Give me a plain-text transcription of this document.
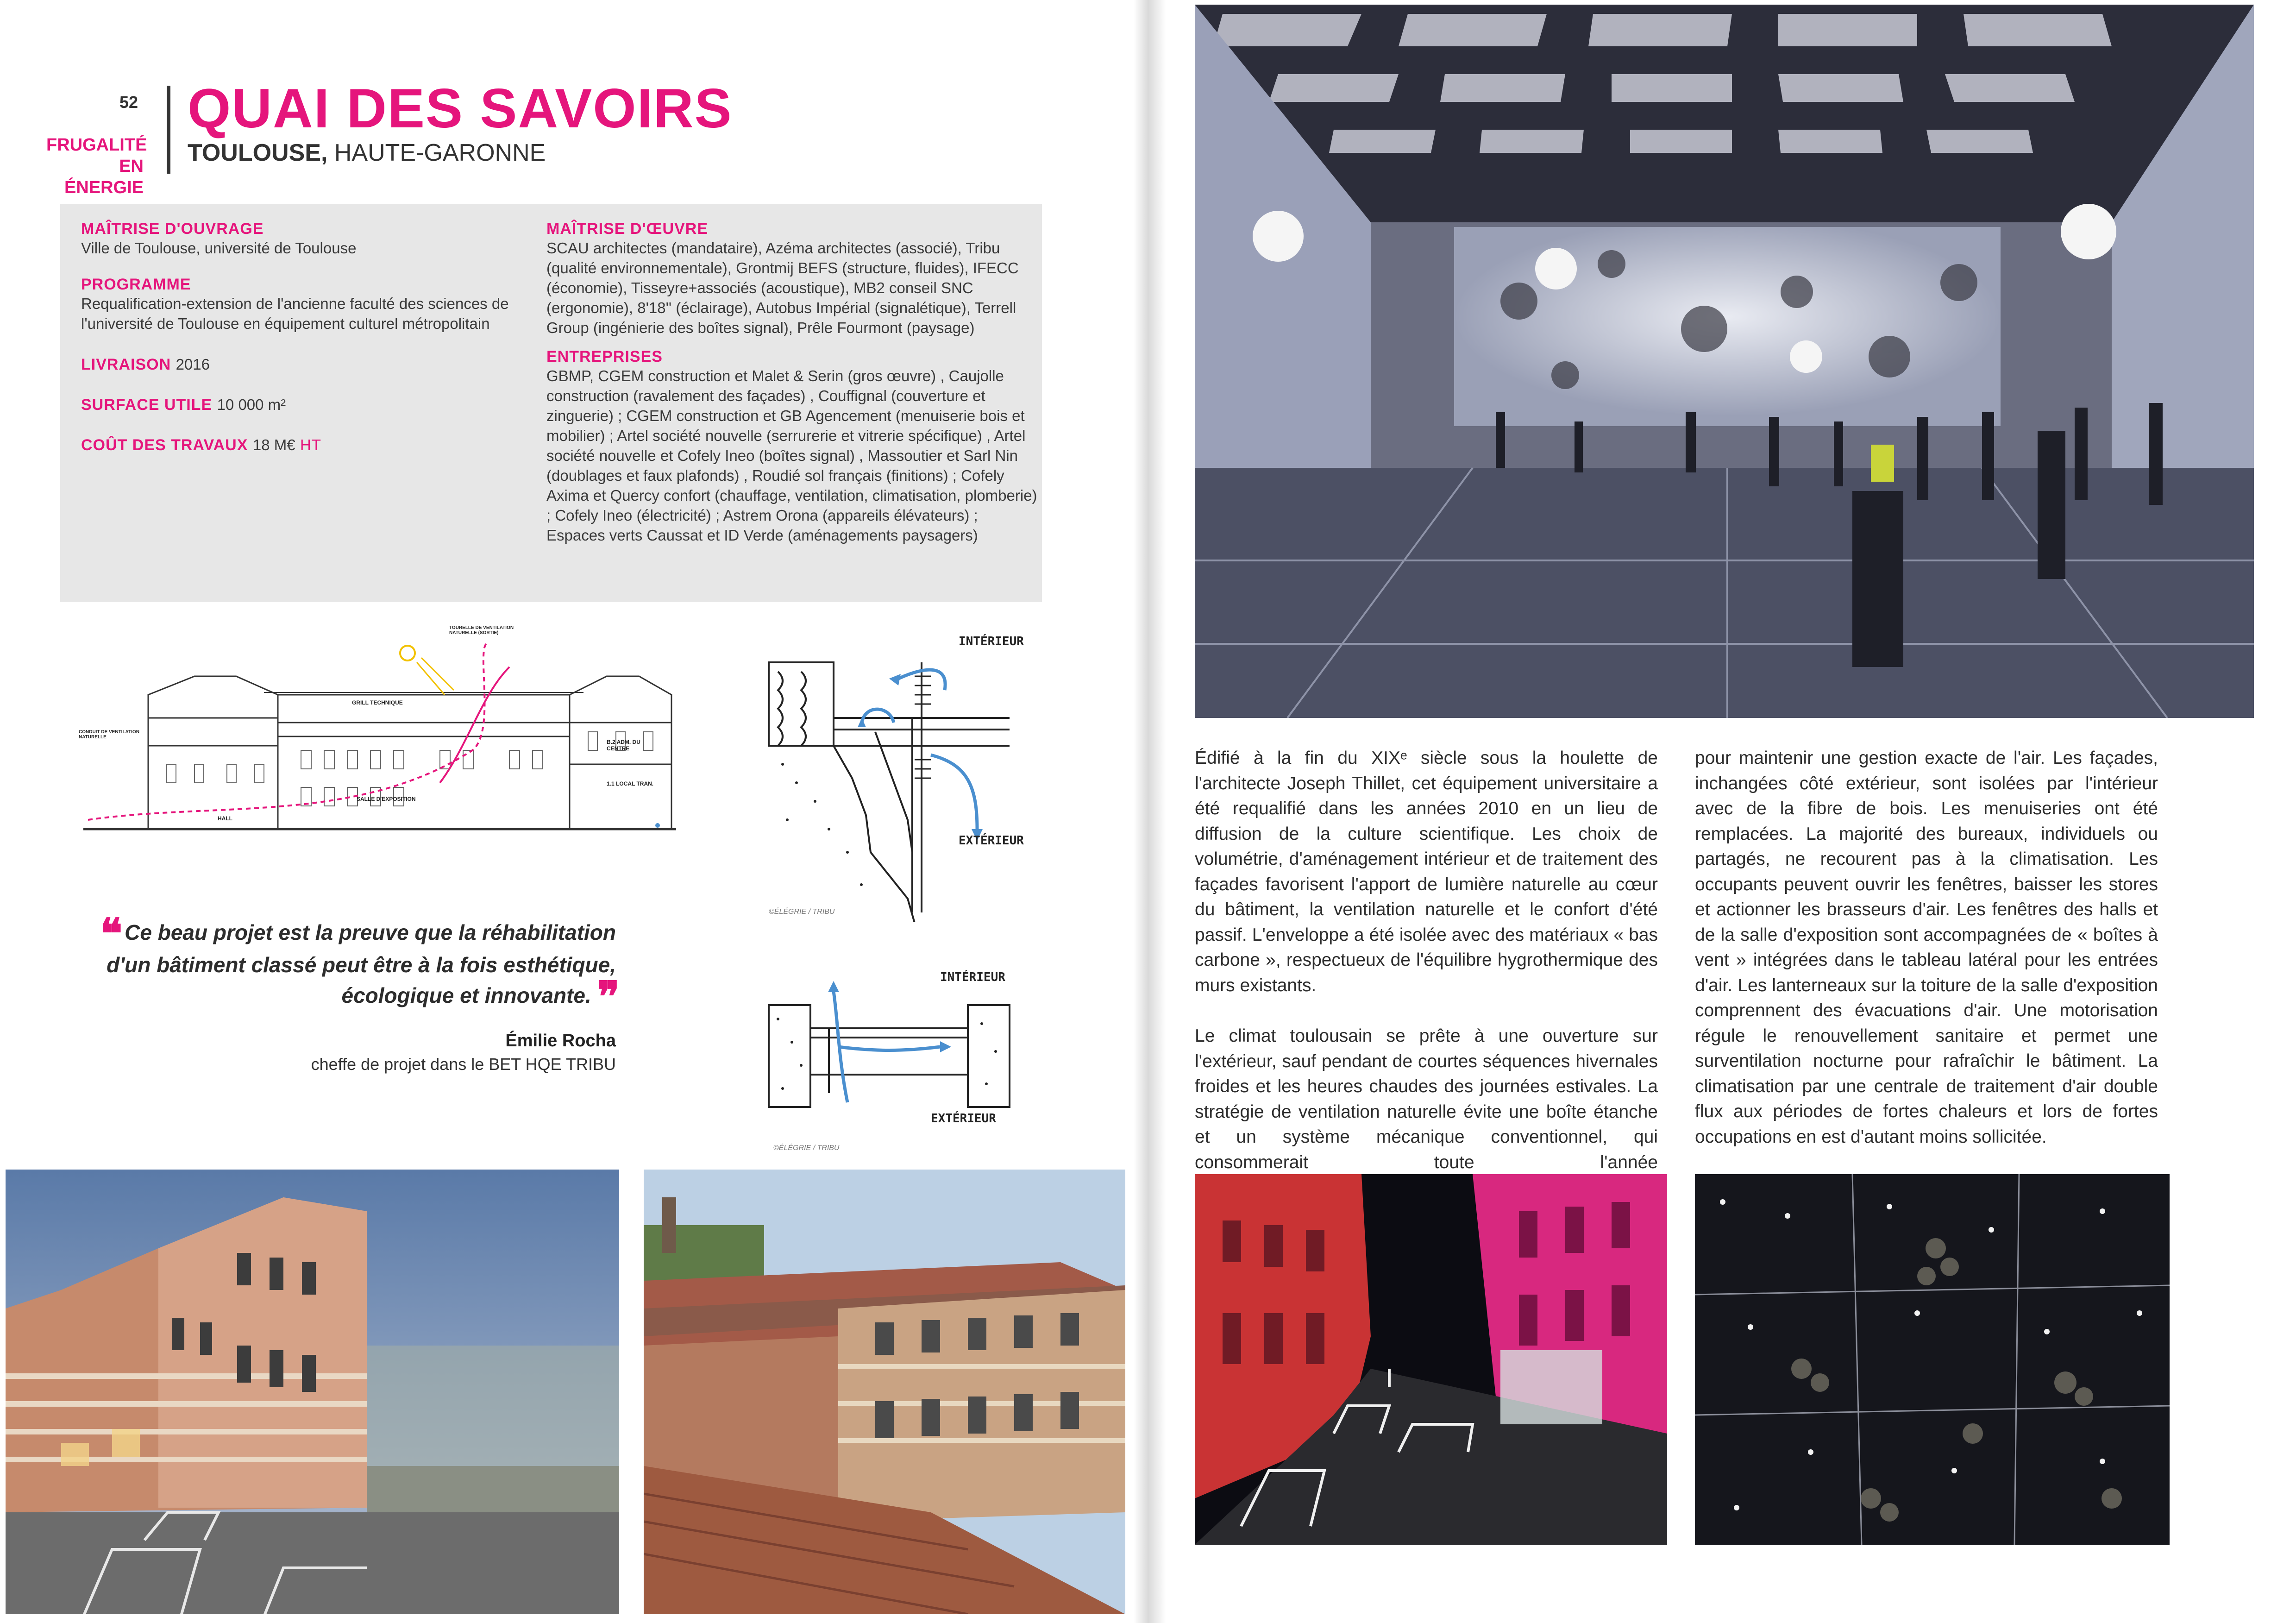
52
FRUGALITÉ
EN ÉNERGIE
QUAI DES SAVOIRS
TOULOUSE, HAUTE-GARONNE
MAÎTRISE D'OUVRAGE
Ville de Toulouse, université de Toulouse
PROGRAMME
Requalification-extension de l'ancienne faculté des sciences de l'université de Toulouse en équipement culturel métropolitain
LIVRAISON 2016
SURFACE UTILE 10 000 m²
COÛT DES TRAVAUX 18 M€ HT
MAÎTRISE D'ŒUVRE
SCAU architectes (mandataire), Azéma architectes (associé), Tribu (qualité environnementale), Grontmij BEFS (structure, fluides), IFECC (économie), Tisseyre+associés (acoustique), MB2 conseil SNC (ergonomie), 8'18'' (éclairage), Autobus Impérial (signalétique), Terrell Group (ingénierie des boîtes signal), Prêle Fourmont (paysage)
ENTREPRISES
GBMP, CGEM construction et Malet & Serin (gros œuvre) , Caujolle construction (ravalement des façades) , Couffignal (couverture et zinguerie) ; CGEM construction et GB Agencement (menuiserie bois et mobilier) ; Artel société nouvelle (serrurerie et vitrerie spécifique) , Artel société nouvelle et Cofely Ineo (boîtes signal) , Massoutier et Sarl Nin (doublages et faux plafonds) , Roudié sol français (finitions) ; Cofely Axima et Quercy confort (chauffage, ventilation, climatisation, plomberie) ; Cofely Ineo (électricité) ; Astrem Orona (appareils élévateurs) ; Espaces verts Caussat et ID Verde (aménagements paysagers)
GRILL TECHNIQUE
B.2 ADM. DU CENTRE
1.1 LOCAL TRAN.
SALLE D'EXPOSITION
HALL
TOURELLE DE VENTILATION NATURELLE (SORTIE)
CONDUIT DE VENTILATION NATURELLE
INTÉRIEUR
EXTÉRIEUR
©ÉLÉGRIE / TRIBU
INTÉRIEUR
EXTÉRIEUR
©ÉLÉGRIE / TRIBU
❝ Ce beau projet est la preuve que la réhabilitation d'un bâtiment classé peut être à la fois esthétique, écologique et innovante. ❞
Émilie Rocha
cheffe de projet dans le BET HQE TRIBU

Édifié à la fin du XIXᵉ siècle sous la houlette de l'architecte Joseph Thillet, cet équipement universitaire a été requalifié dans les années 2010 en un lieu de diffusion de la culture scientifique. Les choix de volumétrie, d'aménagement intérieur et de traitement des façades favorisent l'apport de lumière naturelle au cœur du bâtiment, la ventilation naturelle et le confort d'été passif. L'enveloppe a été isolée avec des matériaux « bas carbone », respectueux de l'équilibre hygrothermique des murs existants.

Le climat toulousain se prête à une ouverture sur l'extérieur, sauf pendant de courtes séquences hivernales froides et les heures chaudes des journées estivales. La stratégie de ventilation naturelle évite une boîte étanche et un système mécanique conventionnel, qui consommerait toute l'année

pour maintenir une gestion exacte de l'air. Les façades, inchangées côté extérieur, sont isolées par l'intérieur avec de la fibre de bois. Les menuiseries ont été remplacées. La majorité des bureaux, individuels ou partagés, ne recourent pas à la climatisation. Les occupants peuvent ouvrir les fenêtres, baisser les stores et actionner les brasseurs d'air. Les fenêtres des halls et de la salle d'exposition sont accompagnées de « boîtes à vent » intégrées dans le tableau latéral pour les entrées d'air. Les lanterneaux sur la toiture de la salle d'exposition comprennent des évacuations d'air. Une motorisation régule le renouvellement sanitaire et permet une surventilation nocturne pour rafraîchir le bâtiment. La climatisation par une centrale de traitement d'air double flux aux périodes de fortes chaleurs et lors de fortes occupations en est d'autant moins sollicitée.
